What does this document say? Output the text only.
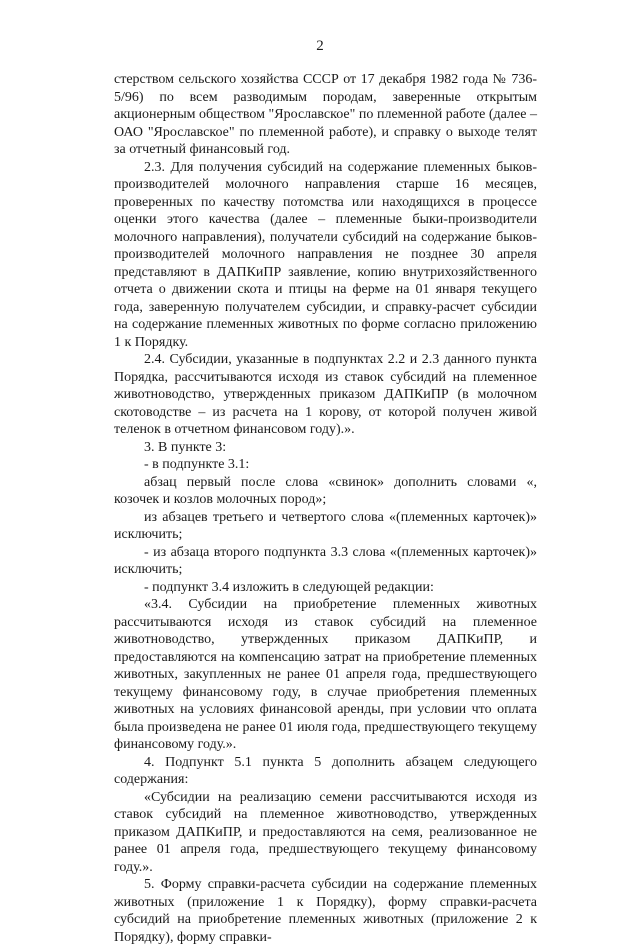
2

стерством сельского хозяйства СССР от 17 декабря 1982 года № 736-5/96) по всем разводимым породам, заверенные открытым акционерным обществом "Ярославское" по племенной работе (далее – ОАО "Ярославское" по племенной работе), и справку о выходе телят за отчетный финансовый год.

2.3. Для получения субсидий на содержание племенных быков-производителей молочного направления старше 16 месяцев, проверенных по качеству потомства или находящихся в процессе оценки этого качества (далее – племенные быки-производители молочного направления), получатели субсидий на содержание быков-производителей молочного направления не позднее 30 апреля представляют в ДАПКиПР заявление, копию внутрихозяйственного отчета о движении скота и птицы на ферме на 01 января текущего года, заверенную получателем субсидии, и справку-расчет субсидии на содержание племенных животных по форме согласно приложению 1 к Порядку.

2.4. Субсидии, указанные в подпунктах 2.2 и 2.3 данного пункта Порядка, рассчитываются исходя из ставок субсидий на племенное животноводство, утвержденных приказом ДАПКиПР (в молочном скотоводстве – из расчета на 1 корову, от которой получен живой теленок в отчетном финансовом году).».

3. В пункте 3:

- в подпункте 3.1:

абзац первый после слова «свинок» дополнить словами «, козочек и козлов молочных пород»;

из абзацев третьего и четвертого слова «(племенных карточек)» исключить;

- из абзаца второго подпункта 3.3 слова «(племенных карточек)» исключить;

- подпункт 3.4 изложить в следующей редакции:

«3.4. Субсидии на приобретение племенных животных рассчитываются исходя из ставок субсидий на племенное животноводство, утвержденных приказом ДАПКиПР, и предоставляются на компенсацию затрат на приобретение племенных животных, закупленных не ранее 01 апреля года, предшествующего текущему финансовому году, в случае приобретения племенных животных на условиях финансовой аренды, при условии что оплата была произведена не ранее 01 июля года, предшествующего текущему финансовому году.».

4. Подпункт 5.1 пункта 5 дополнить абзацем следующего содержания:

«Субсидии на реализацию семени рассчитываются исходя из ставок субсидий на племенное животноводство, утвержденных приказом ДАПКиПР, и предоставляются на семя, реализованное не ранее 01 апреля года, предшествующего текущему финансовому году.».

5. Форму справки-расчета субсидии на содержание племенных животных (приложение 1 к Порядку), форму справки-расчета субсидий на приобретение племенных животных (приложение 2 к Порядку), форму справки-
